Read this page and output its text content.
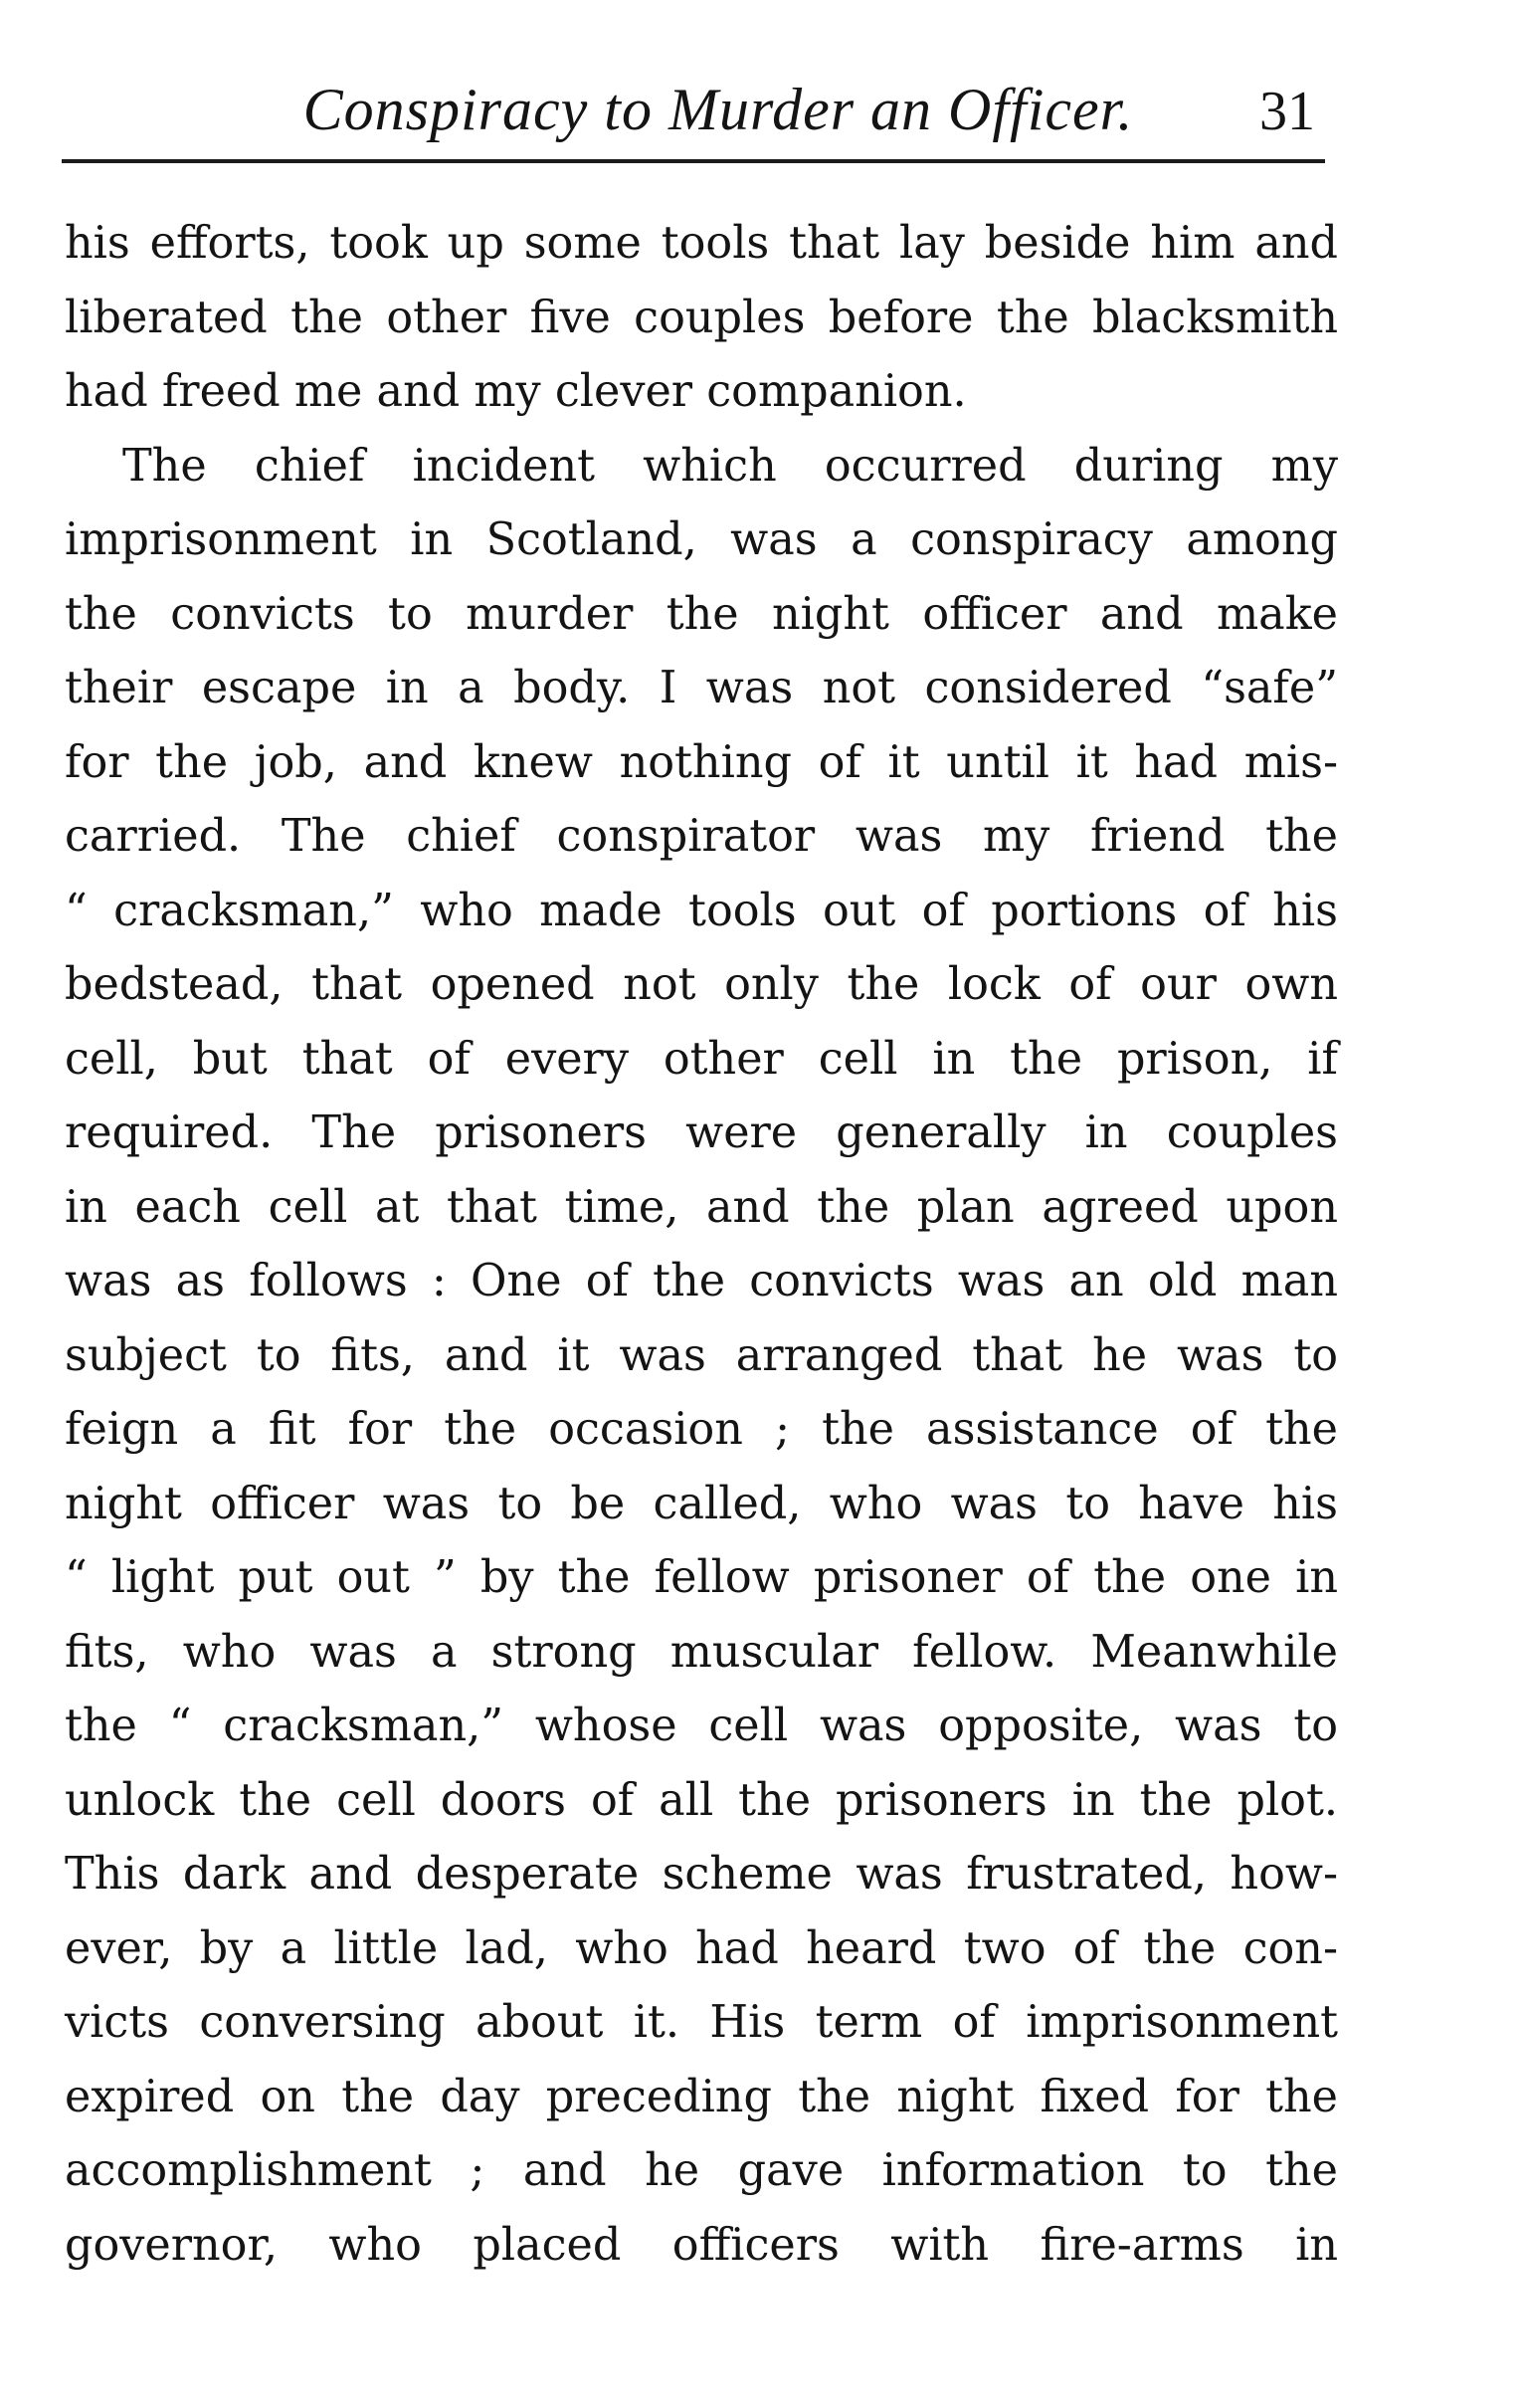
Conspiracy to Murder an Officer.	31
his efforts, took up some tools that lay beside him and
liberated the other five couples before the blacksmith
had freed me and my clever companion.
The chief incident which occurred during my
imprisonment in Scotland, was a conspiracy among
the convicts to murder the night officer and make
their escape in a body. I was not considered “safe”
for the job, and knew nothing of it until it had mis-
carried. The chief conspirator was my friend the
“ cracksman,” who made tools out of portions of his
bedstead, that opened not only the lock of our own
cell, but that of every other cell in the prison, if
required. The prisoners were generally in couples
in each cell at that time, and the plan agreed upon
was as follows : One of the convicts was an old man
subject to fits, and it was arranged that he was to
feign a fit for the occasion ; the assistance of the
night officer was to be called, who was to have his
“ light put out ” by the fellow prisoner of the one in
fits, who was a strong muscular fellow. Meanwhile
the “ cracksman,” whose cell was opposite, was to
unlock the cell doors of all the prisoners in the plot.
This dark and desperate scheme was frustrated, how-
ever, by a little lad, who had heard two of the con-
victs conversing about it. His term of imprisonment
expired on the day preceding the night fixed for the
accomplishment ; and he gave information to the
governor, who placed officers with fire-arms in
